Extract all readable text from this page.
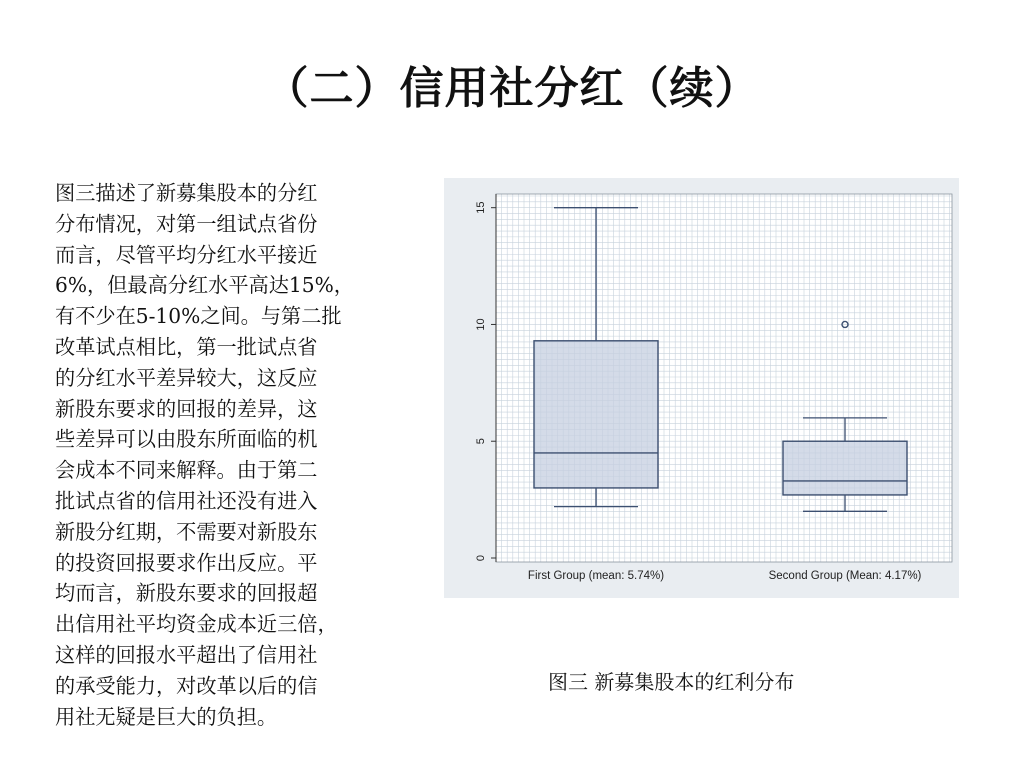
（二）信用社分红（续）
图三描述了新募集股本的分红
分布情况，对第一组试点省份
而言，尽管平均分红水平接近
6%，但最高分红水平高达15%，
有不少在5-10%之间。与第二批
改革试点相比，第一批试点省
的分红水平差异较大，这反应
新股东要求的回报的差异，这
些差异可以由股东所面临的机
会成本不同来解释。由于第二
批试点省的信用社还没有进入
新股分红期，不需要对新股东
的投资回报要求作出反应。平
均而言，新股东要求的回报超
出信用社平均资金成本近三倍，
这样的回报水平超出了信用社
的承受能力，对改革以后的信
用社无疑是巨大的负担。
0
5
10
15
First Group (mean: 5.74%)	Second Group (Mean: 4.17%)
图三 新募集股本的红利分布
